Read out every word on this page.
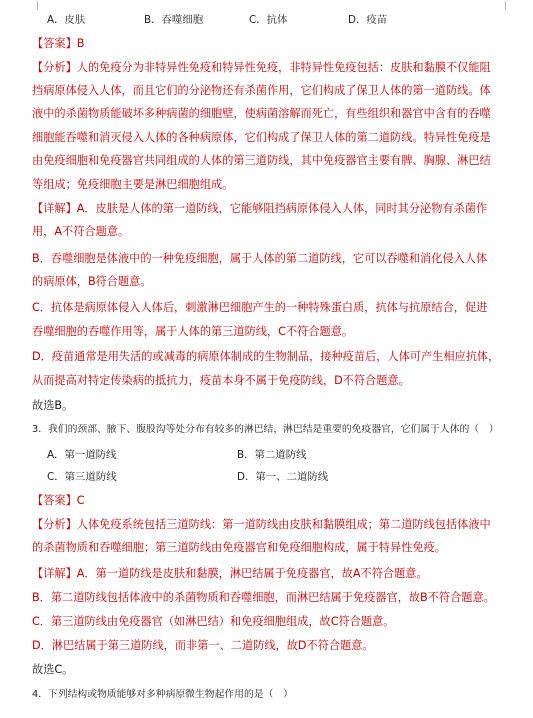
A．皮肤	B．吞噬细胞	C．抗体	D．疫苗
【答案】B
【分析】人的免疫分为非特异性免疫和特异性免疫，非特异性免疫包括：皮肤和黏膜不仅能阻
挡病原体侵入人体，而且它们的分泌物还有杀菌作用，它们构成了保卫人体的第一道防线。体
液中的杀菌物质能破坏多种病菌的细胞壁，使病菌溶解而死亡，有些组织和器官中含有的吞噬
细胞能吞噬和消灭侵入人体的各种病原体，它们构成了保卫人体的第二道防线。特异性免疫是
由免疫细胞和免疫器官共同组成的人体的第三道防线，其中免疫器官主要有脾、胸腺、淋巴结
等组成；免疫细胞主要是淋巴细胞组成。
【详解】A．皮肤是人体的第一道防线，它能够阻挡病原体侵入人体，同时其分泌物有杀菌作
用，A不符合题意。
B．吞噬细胞是体液中的一种免疫细胞，属于人体的第二道防线，它可以吞噬和消化侵入人体
的病原体，B符合题意。
C．抗体是病原体侵入人体后，刺激淋巴细胞产生的一种特殊蛋白质，抗体与抗原结合，促进
吞噬细胞的吞噬作用等，属于人体的第三道防线，C不符合题意。
D．疫苗通常是用失活的或减毒的病原体制成的生物制品，接种疫苗后，人体可产生相应抗体，
从而提高对特定传染病的抵抗力，疫苗本身不属于免疫防线，D不符合题意。
故选B。
3．我们的颈部、腋下、腹股沟等处分布有较多的淋巴结，淋巴结是重要的免疫器官，它们属于人体的（　）
A．第一道防线	B．第二道防线
C．第三道防线	D．第一、二道防线
【答案】C
【分析】人体免疫系统包括三道防线：第一道防线由皮肤和黏膜组成；第二道防线包括体液中
的杀菌物质和吞噬细胞；第三道防线由免疫器官和免疫细胞构成，属于特异性免疫。
【详解】A．第一道防线是皮肤和黏膜，淋巴结属于免疫器官，故A不符合题意。
B．第二道防线包括体液中的杀菌物质和吞噬细胞，而淋巴结属于免疫器官，故B不符合题意。
C．第三道防线由免疫器官（如淋巴结）和免疫细胞组成，故C符合题意。
D．淋巴结属于第三道防线，而非第一、二道防线，故D不符合题意。
故选C。
4．下列结构或物质能够对多种病原微生物起作用的是（　）
